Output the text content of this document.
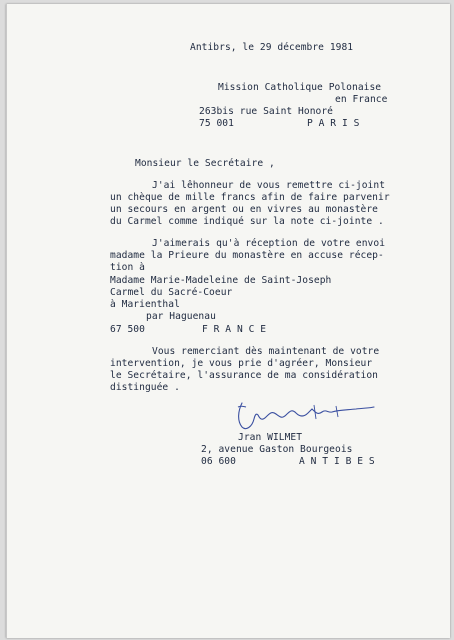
Antibrs, le 29 décembre 1981
Mission Catholique Polonaise
en France
263bis rue Saint Honoré
75 001	P A R I S
Monsieur le Secrétaire ,
J'ai lêhonneur de vous remettre ci-joint
un chèque de mille francs afin de faire parvenir
un secours en argent ou en vivres au monastère
du Carmel comme indiqué sur la note ci-jointe .
J'aimerais qu'à réception de votre envoi
madame la Prieure du monastère en accuse récep-
tion à
Madame Marie-Madeleine de Saint-Joseph
Carmel du Sacré-Coeur
à Marienthal
par Haguenau
67 500	F R A N C E
Vous remerciant dès maintenant de votre
intervention, je vous prie d'agréer, Monsieur
le Secrétaire, l'assurance de ma considération
distinguée .
Jran WILMET
2, avenue Gaston Bourgeois
06 600	A N T I B E S
